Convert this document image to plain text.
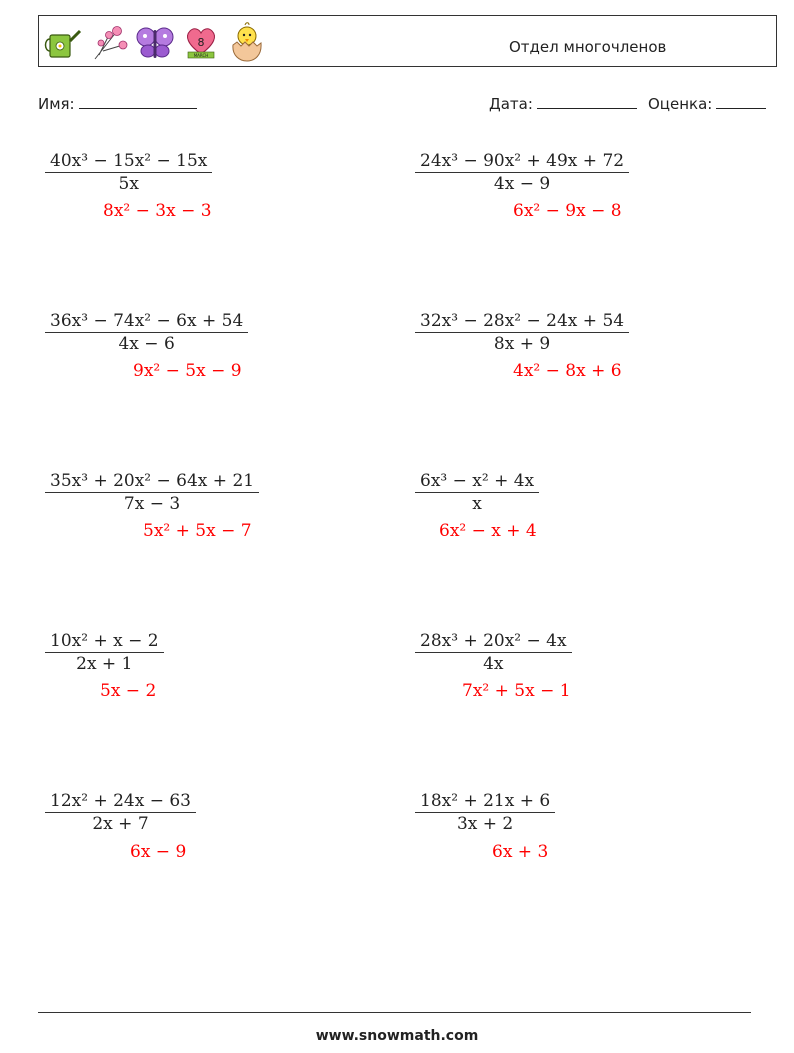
8
MARCH	Отдел многочленов
Имя:	Дата:	Оценка:
$\frac{\text{40x³ − 15x² − 15x}}{5x}$
8x² − 3x − 3
$\frac{\text{24x³ − 90x² + 49x + 72}}{4x - 9}$
6x² − 9x − 8
$\frac{\text{36x³ − 74x² − 6x + 54}}{4x - 6}$
9x² − 5x − 9
$\frac{\text{32x³ − 28x² − 24x + 54}}{8x + 9}$
4x² − 8x + 6
$\frac{\text{35x³ + 20x² − 64x + 21}}{7x - 3}$
5x² + 5x − 7
$\frac{\text{6x³ − x² + 4x}}{x}$
6x² − x + 4
$\frac{\text{10x² + x − 2}}{2x + 1}$
5x − 2
$\frac{\text{28x³ + 20x² − 4x}}{4x}$
7x² + 5x − 1
$\frac{\text{12x² + 24x − 63}}{2x + 7}$
6x − 9
$\frac{\text{18x² + 21x + 6}}{3x + 2}$
6x + 3
www.snowmath.com
